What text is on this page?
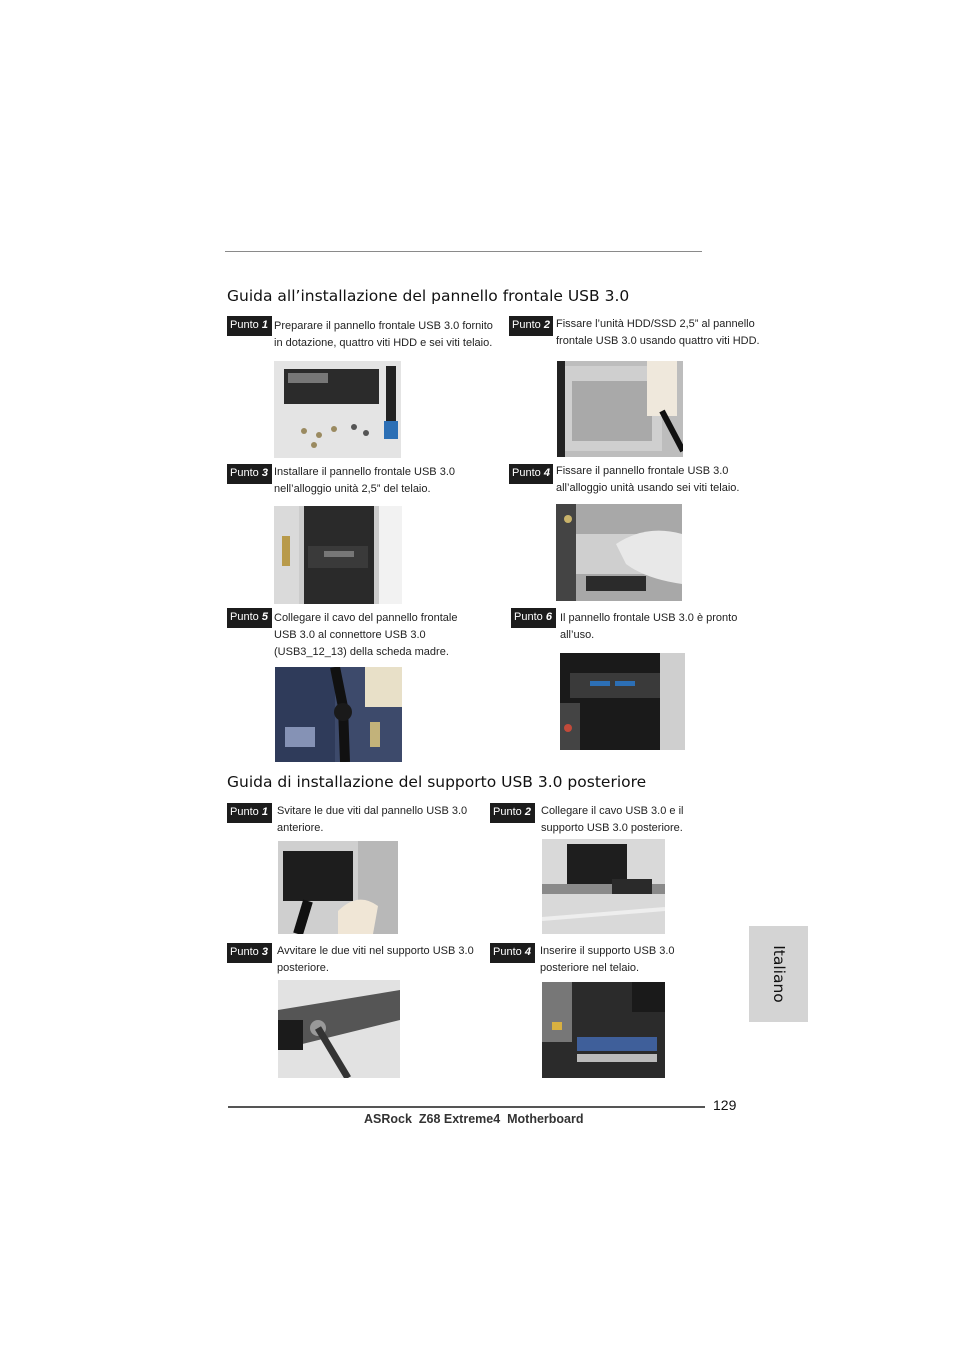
Guida all’installazione del pannello frontale USB 3.0
Punto 1 Preparare il pannello frontale USB 3.0 fornito in dotazione, quattro viti HDD e sei viti telaio.
Punto 2 Fissare l’unità HDD/SSD 2,5” al pannello frontale USB 3.0 usando quattro viti HDD.
Punto 3 Installare il pannello frontale USB 3.0 nell’alloggio unità 2,5” del telaio.
Punto 4 Fissare il pannello frontale USB 3.0 all’alloggio unità usando sei viti telaio.
Punto 5 Collegare il cavo del pannello frontale USB 3.0 al connettore USB 3.0 (USB3_12_13) della scheda madre.
Punto 6 Il pannello frontale USB 3.0 è pronto all’uso.
Guida di installazione del supporto USB 3.0 posteriore
Punto 1 Svitare le due viti dal pannello USB 3.0 anteriore.
Punto 2 Collegare il cavo USB 3.0 e il supporto USB 3.0 posteriore.
Punto 3 Avvitare le due viti nel supporto USB 3.0 posteriore.
Punto 4 Inserire il supporto USB 3.0 posteriore nel telaio.	Italiano
129
ASRock  Z68 Extreme4  Motherboard
